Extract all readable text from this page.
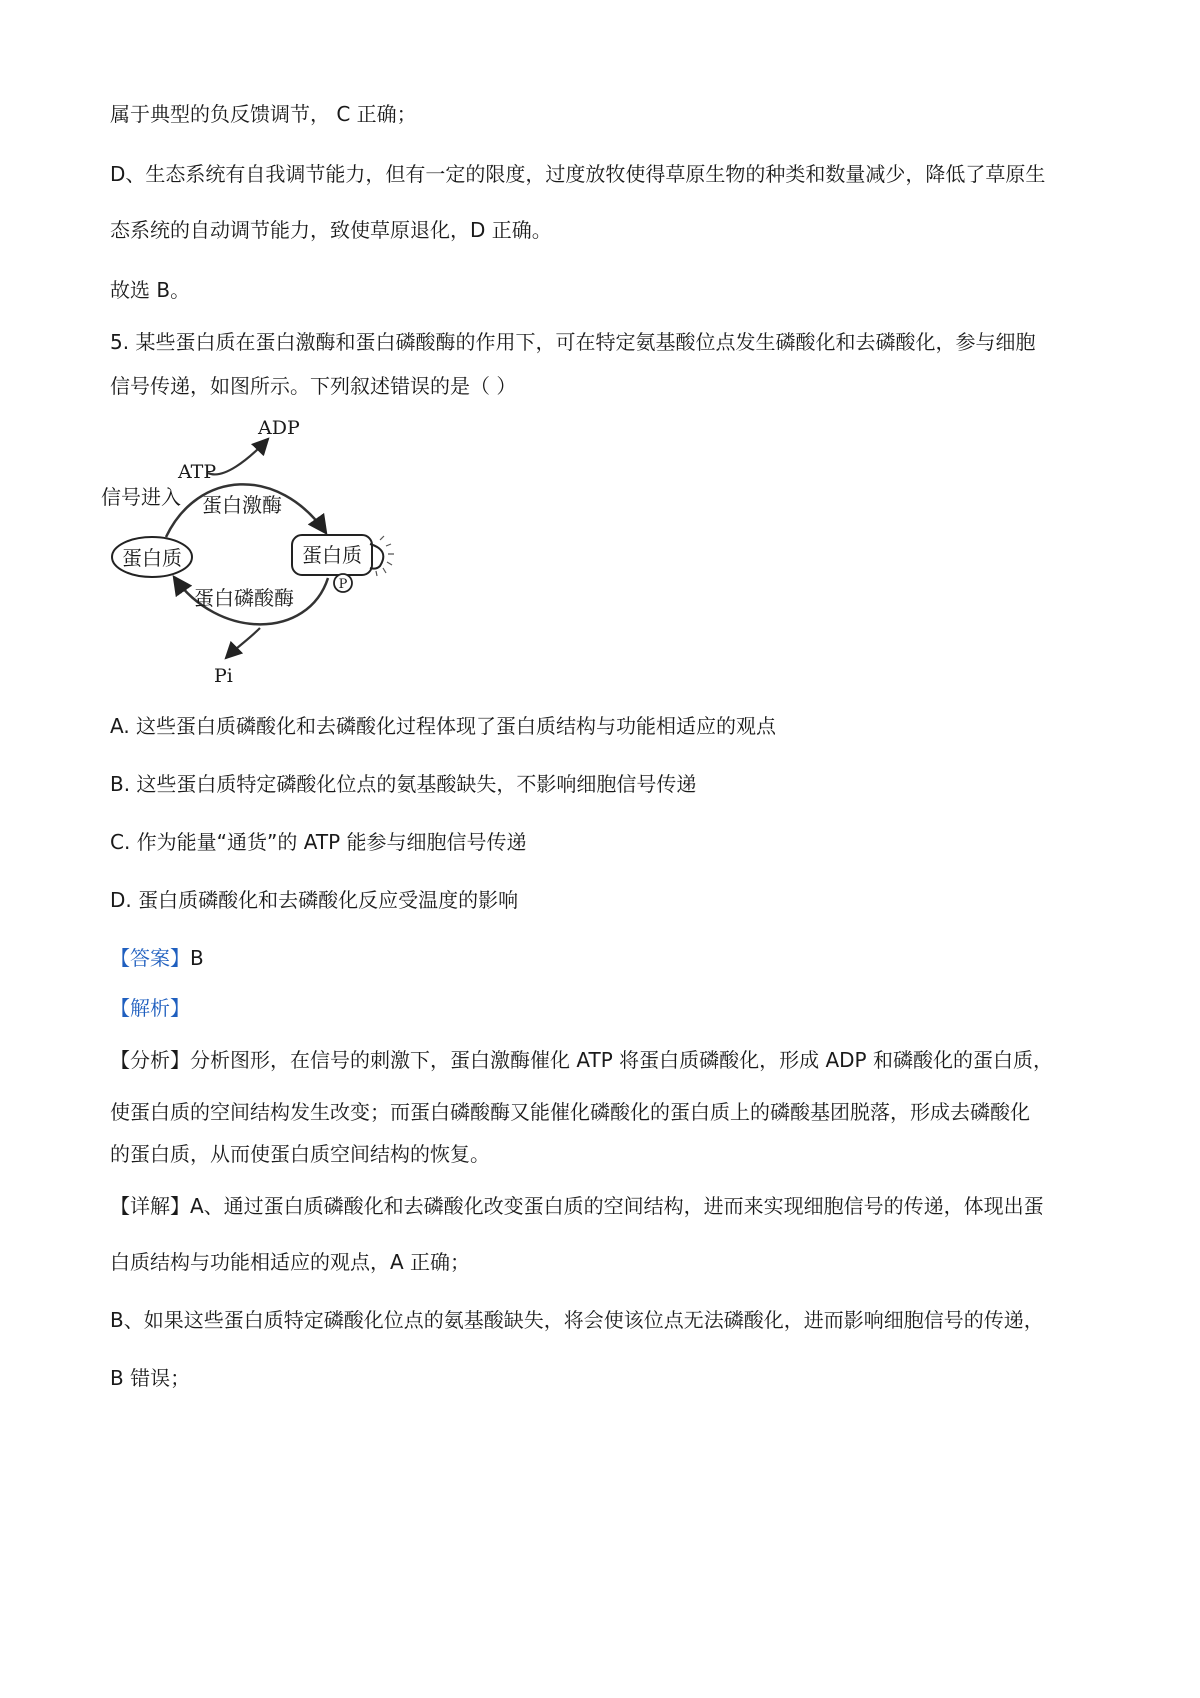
属于典型的负反馈调节， C 正确；
D、生态系统有自我调节能力，但有一定的限度，过度放牧使得草原生物的种类和数量减少，降低了草原生
态系统的自动调节能力，致使草原退化，D 正确。
故选 B。
5. 某些蛋白质在蛋白激酶和蛋白磷酸酶的作用下，可在特定氨基酸位点发生磷酸化和去磷酸化，参与细胞
信号传递，如图所示。下列叙述错误的是（ ）
蛋白质	蛋白质
P
ATP
ADP
信号进入 蛋白激酶
蛋白磷酸酶
Pi
A. 这些蛋白质磷酸化和去磷酸化过程体现了蛋白质结构与功能相适应的观点
B. 这些蛋白质特定磷酸化位点的氨基酸缺失，不影响细胞信号传递
C. 作为能量“通货”的 ATP 能参与细胞信号传递
D. 蛋白质磷酸化和去磷酸化反应受温度的影响
【答案】B
【解析】
【分析】分析图形，在信号的刺激下，蛋白激酶催化 ATP 将蛋白质磷酸化，形成 ADP 和磷酸化的蛋白质，
使蛋白质的空间结构发生改变；而蛋白磷酸酶又能催化磷酸化的蛋白质上的磷酸基团脱落，形成去磷酸化
的蛋白质，从而使蛋白质空间结构的恢复。
【详解】A、通过蛋白质磷酸化和去磷酸化改变蛋白质的空间结构，进而来实现细胞信号的传递，体现出蛋
白质结构与功能相适应的观点，A 正确；
B、如果这些蛋白质特定磷酸化位点的氨基酸缺失，将会使该位点无法磷酸化，进而影响细胞信号的传递，
B 错误；
